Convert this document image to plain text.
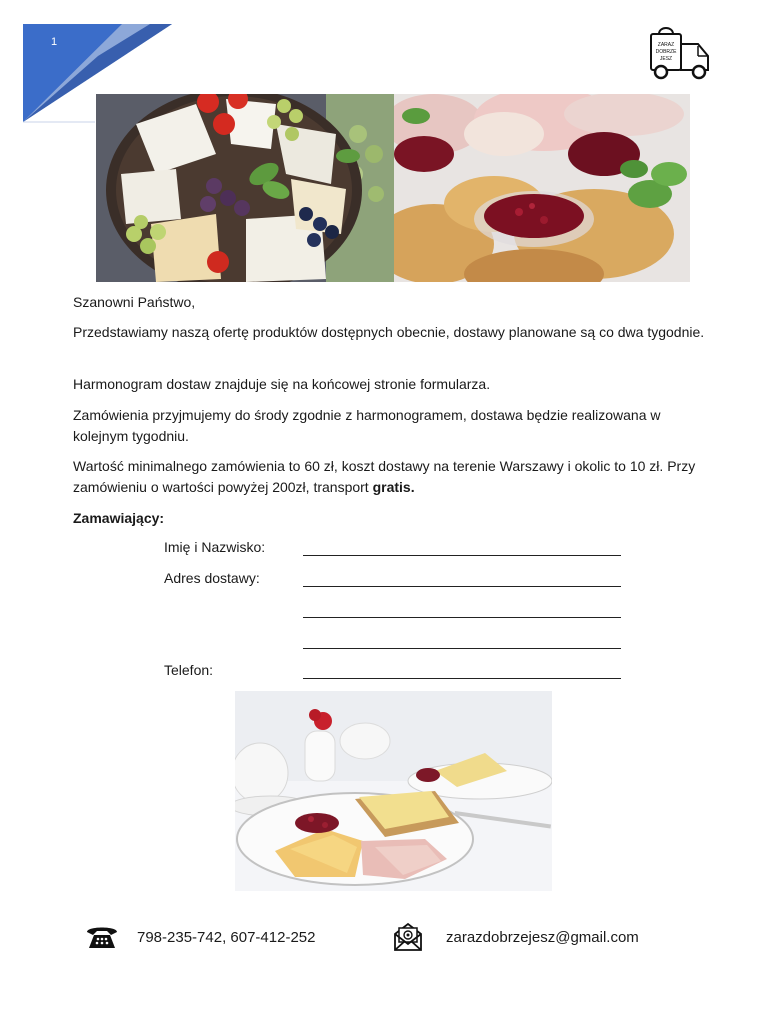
1	ZARAZ
DOBRZE
JESZ
Szanowni Państwo,
Przedstawiamy naszą ofertę produktów dostępnych obecnie, dostawy planowane są co dwa tygodnie.
Harmonogram dostaw znajduje się na końcowej stronie formularza.
Zamówienia przyjmujemy do środy zgodnie z harmonogramem, dostawa będzie realizowana w kolejnym tygodniu.
Wartość minimalnego zamówienia to 60 zł, koszt dostawy na terenie Warszawy i okolic to 10 zł. Przy zamówieniu o wartości powyżej 200zł, transport gratis.
Zamawiający:
Imię i Nazwisko:
Adres dostawy:
Telefon:
798-235-742, 607-412-252	zarazdobrzejesz@gmail.com
